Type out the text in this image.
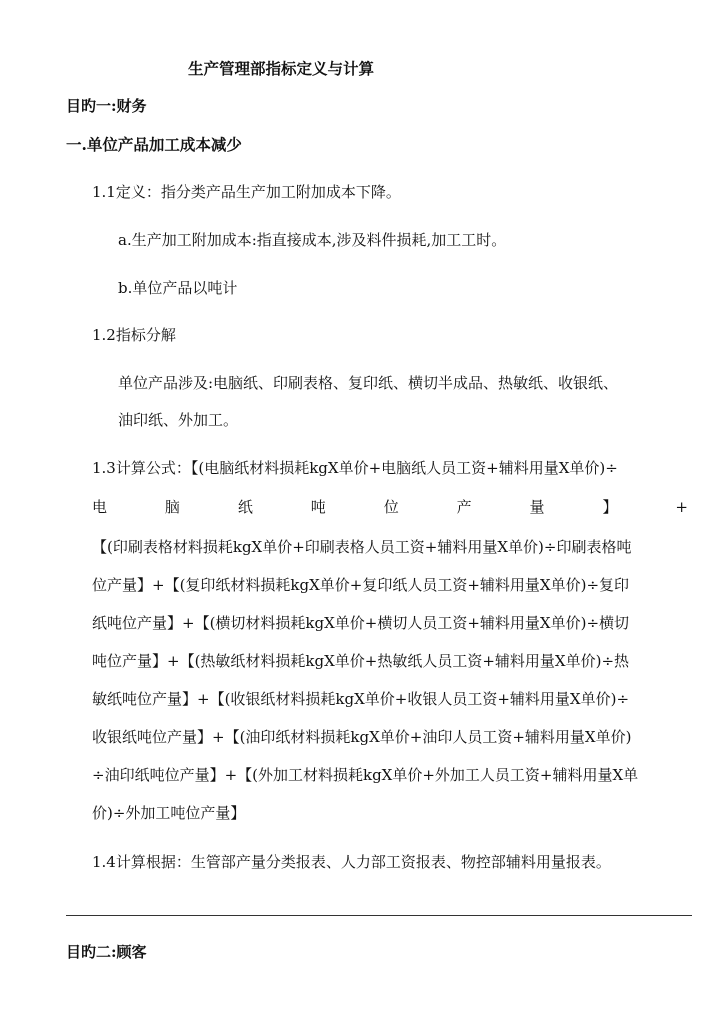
生产管理部指标定义与计算
目旳一:财务
一.单位产品加工成本减少
1.1定义：指分类产品生产加工附加成本下降。
a.生产加工附加成本:指直接成本,涉及料件损耗,加工工时。
b.单位产品以吨计
1.2指标分解
单位产品涉及:电脑纸、印刷表格、复印纸、横切半成品、热敏纸、收银纸、
油印纸、外加工。
1.3计算公式：【(电脑纸材料损耗kgX单价+电脑纸人员工资+辅料用量X单价)÷
电	脑	纸	吨	位	产	量	】	+
【(印刷表格材料损耗kgX单价+印刷表格人员工资+辅料用量X单价)÷印刷表格吨
位产量】+【(复印纸材料损耗kgX单价+复印纸人员工资+辅料用量X单价)÷复印
纸吨位产量】+【(横切材料损耗kgX单价+横切人员工资+辅料用量X单价)÷横切
吨位产量】+【(热敏纸材料损耗kgX单价+热敏纸人员工资+辅料用量X单价)÷热
敏纸吨位产量】+【(收银纸材料损耗kgX单价+收银人员工资+辅料用量X单价)÷
收银纸吨位产量】+【(油印纸材料损耗kgX单价+油印人员工资+辅料用量X单价)
÷油印纸吨位产量】+【(外加工材料损耗kgX单价+外加工人员工资+辅料用量X单
价)÷外加工吨位产量】
1.4计算根据：生管部产量分类报表、人力部工资报表、物控部辅料用量报表。
目旳二:顾客
